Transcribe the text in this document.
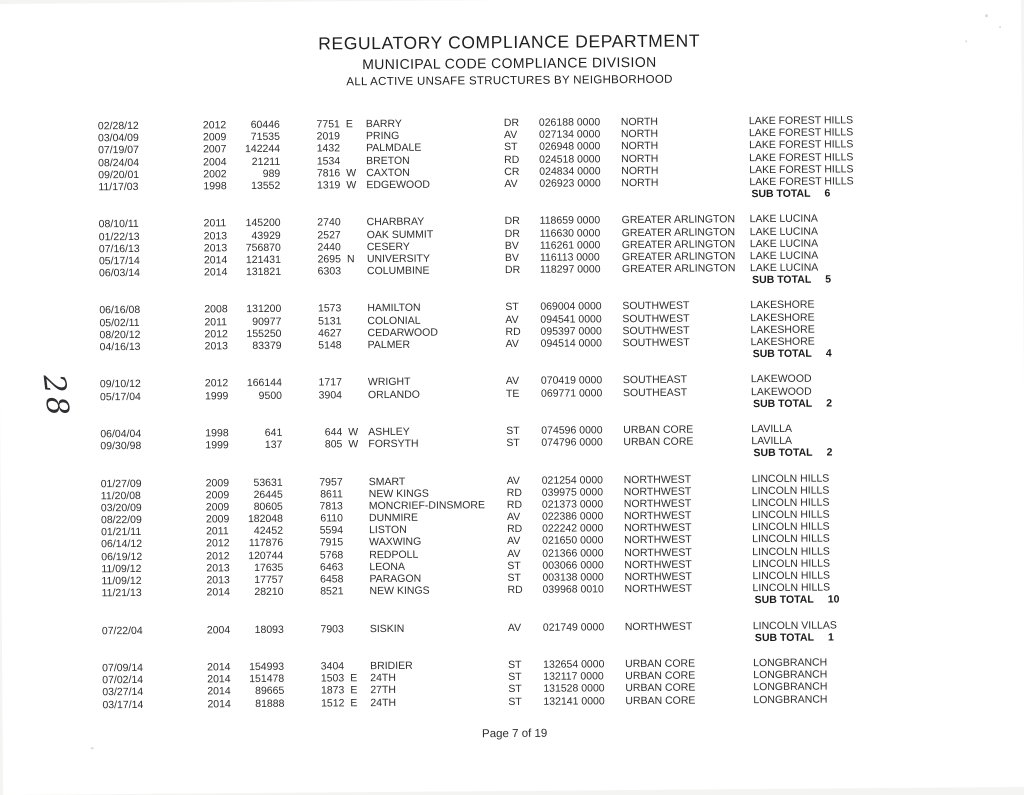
REGULATORY COMPLIANCE DEPARTMENT
MUNICIPAL CODE COMPLIANCE DIVISION
ALL ACTIVE UNSAFE STRUCTURES BY NEIGHBORHOOD
02/28/12	2012	60446	7751 E	BARRY	DR	026188 0000	NORTH	LAKE FOREST HILLS
03/04/09	2009	71535	2019 PRING	AV	027134 0000	NORTH	LAKE FOREST HILLS
07/19/07	2007	142244	1432 PALMDALE	ST	026948 0000	NORTH	LAKE FOREST HILLS
08/24/04	2004	21211	1534 BRETON	RD	024518 0000	NORTH	LAKE FOREST HILLS
09/20/01	2002	989	7816 W CAXTON	CR	024834 0000	NORTH	LAKE FOREST HILLS
11/17/03	1998	13552	1319 W EDGEWOOD	AV	026923 0000	NORTH	LAKE FOREST HILLS
SUB TOTAL 6
08/10/11	2011	145200	2740 CHARBRAY	DR	118659 0000	GREATER ARLINGTON	LAKE LUCINA
01/22/13	2013	43929	2527 OAK SUMMIT	DR	116630 0000	GREATER ARLINGTON	LAKE LUCINA
07/16/13	2013	756870	2440 CESERY	BV	116261 0000	GREATER ARLINGTON	LAKE LUCINA
05/17/14	2014	121431	2695 N	UNIVERSITY	BV	116113 0000	GREATER ARLINGTON	LAKE LUCINA
06/03/14	2014	131821	6303 COLUMBINE	DR	118297 0000	GREATER ARLINGTON	LAKE LUCINA
SUB TOTAL 5
06/16/08	2008	131200	1573 HAMILTON	ST	069004 0000	SOUTHWEST	LAKESHORE
05/02/11	2011	90977	5131 COLONIAL	AV	094541 0000	SOUTHWEST	LAKESHORE
08/20/12	2012	155250	4627 CEDARWOOD	RD	095397 0000	SOUTHWEST	LAKESHORE
04/16/13	2013	83379	5148 PALMER	AV	094514 0000	SOUTHWEST	LAKESHORE
SUB TOTAL 4
09/10/12	2012	166144	1717 WRIGHT	AV	070419 0000	SOUTHEAST	LAKEWOOD
05/17/04	1999	9500	3904 ORLANDO	TE	069771 0000	SOUTHEAST	LAKEWOOD
SUB TOTAL 2
06/04/04	1998	641	644 W ASHLEY	ST	074596 0000	URBAN CORE	LAVILLA
09/30/98	1999	137	805 W FORSYTH	ST	074796 0000	URBAN CORE	LAVILLA
SUB TOTAL 2
01/27/09	2009	53631	7957 SMART	AV	021254 0000	NORTHWEST	LINCOLN HILLS
11/20/08	2009	26445	8611 NEW KINGS	RD	039975 0000	NORTHWEST	LINCOLN HILLS
03/20/09	2009	80605	7813 MONCRIEF-DINSMORE	RD	021373 0000	NORTHWEST	LINCOLN HILLS
08/22/09	2009	182048	6110 DUNMIRE	AV	022386 0000	NORTHWEST	LINCOLN HILLS
01/21/11	2011	42452	5594 LISTON	RD	022242 0000	NORTHWEST	LINCOLN HILLS
06/14/12	2012	117876	7915 WAXWING	AV	021650 0000	NORTHWEST	LINCOLN HILLS
06/19/12	2012	120744	5768 REDPOLL	AV	021366 0000	NORTHWEST	LINCOLN HILLS
11/09/12	2013	17635	6463 LEONA	ST	003066 0000	NORTHWEST	LINCOLN HILLS
11/09/12	2013	17757	6458 PARAGON	ST	003138 0000	NORTHWEST	LINCOLN HILLS
11/21/13	2014	28210	8521 NEW KINGS	RD	039968 0010	NORTHWEST	LINCOLN HILLS
SUB TOTAL 10
07/22/04	2004	18093	7903 SISKIN	AV	021749 0000	NORTHWEST	LINCOLN VILLAS
SUB TOTAL 1
07/09/14	2014	154993	3404 BRIDIER	ST	132654 0000	URBAN CORE	LONGBRANCH
07/02/14	2014	151478	1503 E	24TH	ST	132117 0000	URBAN CORE	LONGBRANCH
03/27/14	2014	89665	1873 E	27TH	ST	131528 0000	URBAN CORE	LONGBRANCH
03/17/14	2014	81888	1512 E	24TH	ST	132141 0000	URBAN CORE	LONGBRANCH
Page 7 of 19
28
